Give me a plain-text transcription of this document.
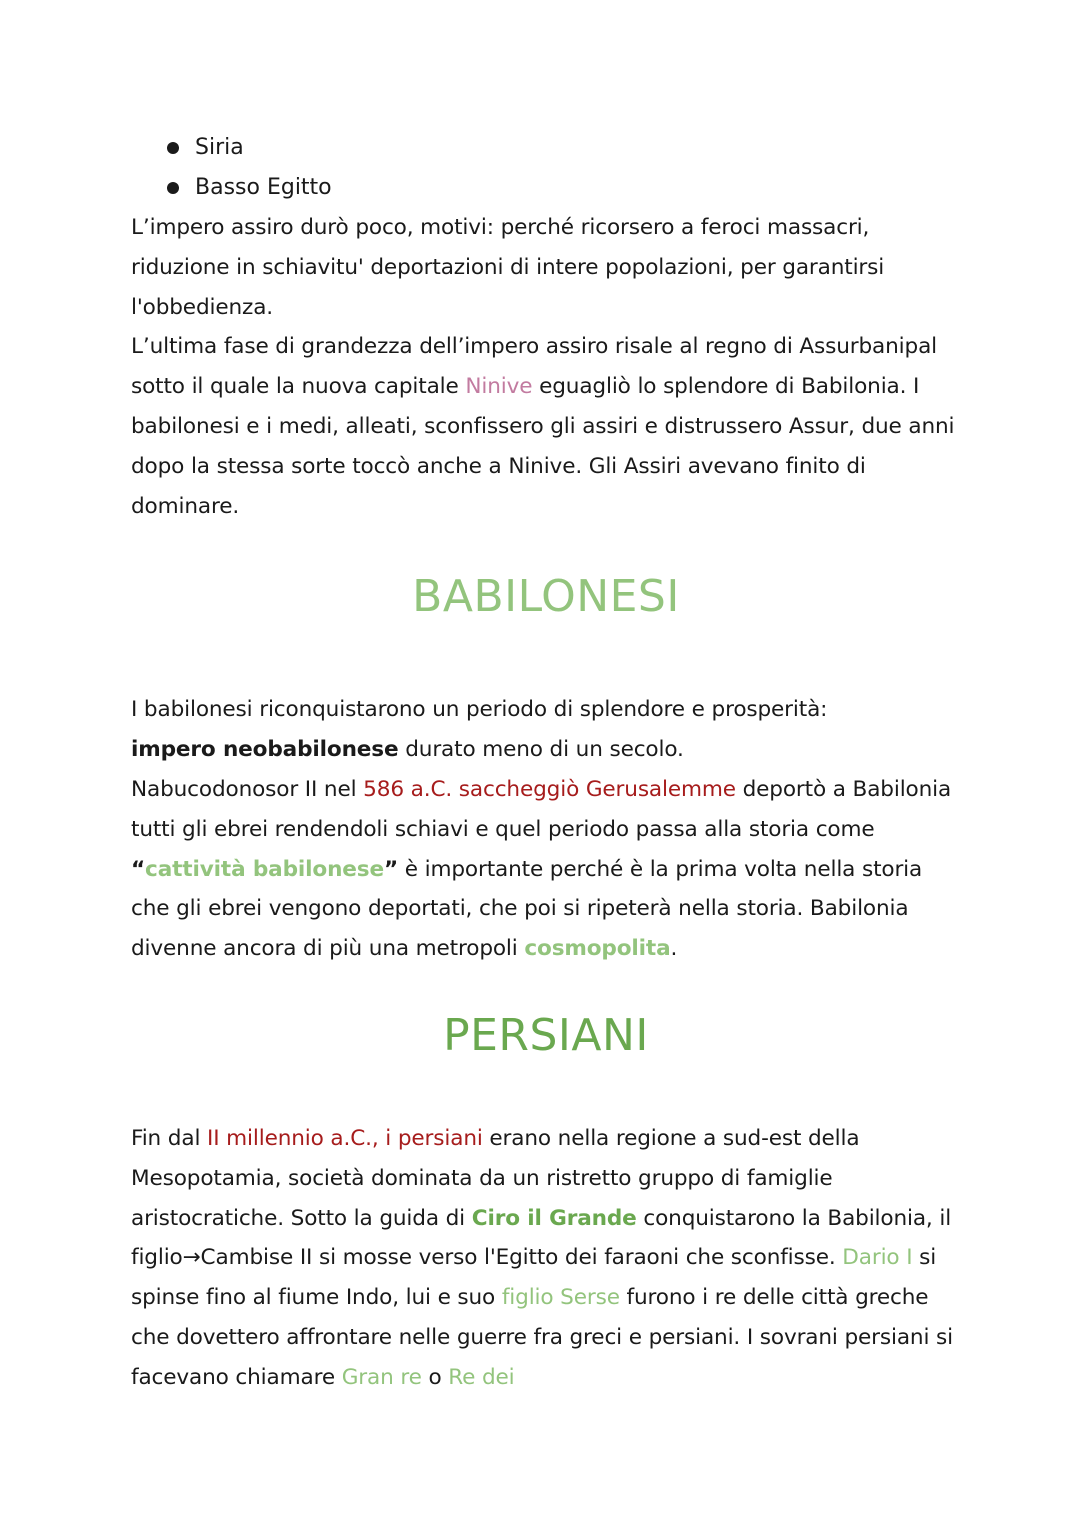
Siria
Basso Egitto

L’impero assiro durò poco, motivi: perché ricorsero a feroci massacri, riduzione in schiavitu' deportazioni di intere popolazioni, per garantirsi l'obbedienza.

L’ultima fase di grandezza dell’impero assiro risale al regno di Assurbanipal sotto il quale la nuova capitale Ninive eguagliò lo splendore di Babilonia. I babilonesi e i medi, alleati, sconfissero gli assiri e distrussero Assur, due anni dopo la stessa sorte toccò anche a Ninive. Gli Assiri avevano finito di dominare.

BABILONESI

I babilonesi riconquistarono un periodo di splendore e prosperità:

impero neobabilonese durato meno di un secolo.

Nabucodonosor II nel 586 a.C. saccheggiò Gerusalemme deportò a Babilonia tutti gli ebrei rendendoli schiavi e quel periodo passa alla storia come “cattività babilonese” è importante perché è la prima volta nella storia che gli ebrei vengono deportati, che poi si ripeterà nella storia. Babilonia divenne ancora di più una metropoli cosmopolita.

PERSIANI

Fin dal II millennio a.C., i persiani erano nella regione a sud-est della Mesopotamia, società dominata da un ristretto gruppo di famiglie aristocratiche. Sotto la guida di Ciro il Grande conquistarono la Babilonia, il figlio→Cambise II si mosse verso l'Egitto dei faraoni che sconfisse. Dario I si spinse fino al fiume Indo, lui e suo figlio Serse furono i re delle città greche che dovettero affrontare nelle guerre fra greci e persiani. I sovrani persiani si facevano chiamare Gran re o Re dei
